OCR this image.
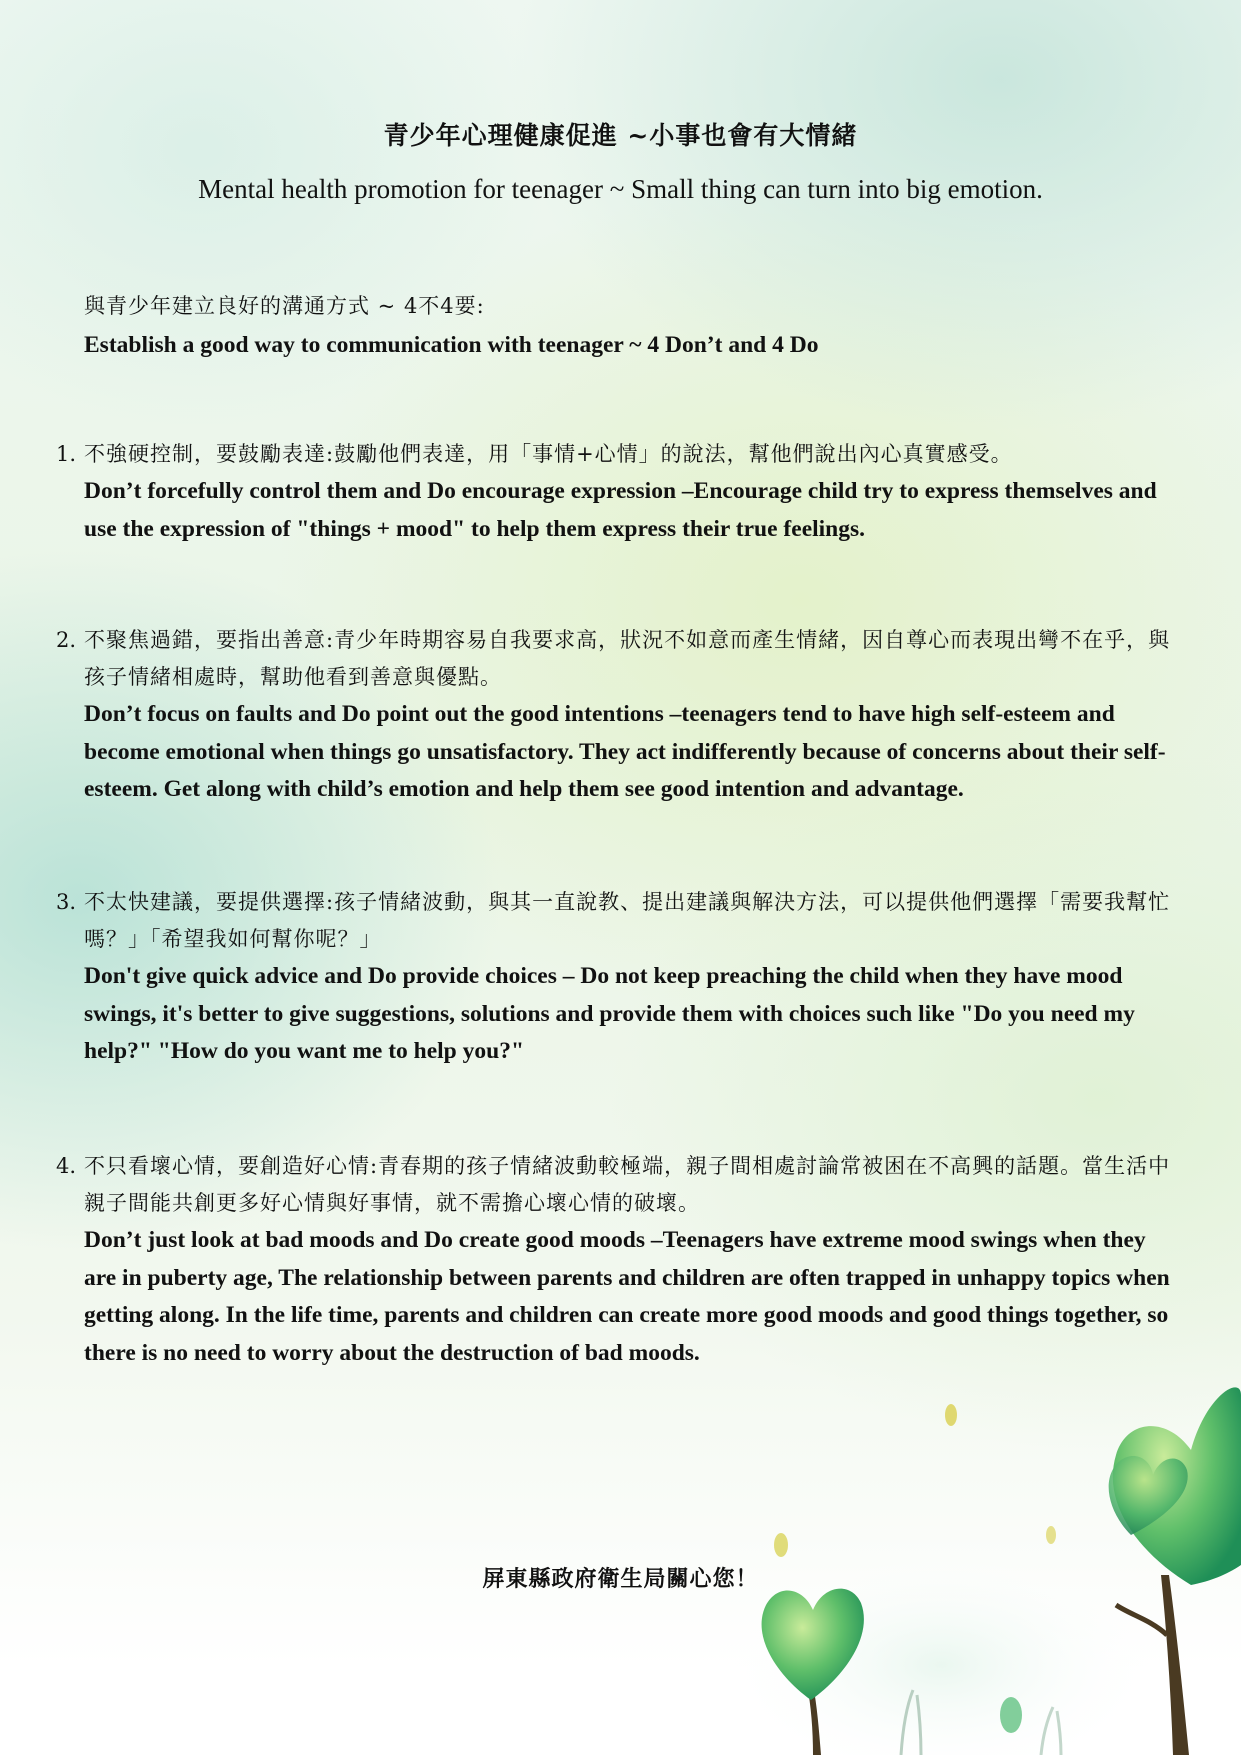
青少年心理健康促進 ~小事也會有大情緒

Mental health promotion for teenager ~ Small thing can turn into big emotion.

與青少年建立良好的溝通方式 ~ 4不4要:
Establish a good way to communication with teenager ~ 4 Don’t and 4 Do
1. 不強硬控制，要鼓勵表達:鼓勵他們表達，用「事情+心情」的說法，幫他們說出內心真實感受。
Don’t forcefully control them and Do encourage expression –Encourage child try to express themselves and use the expression of "things + mood" to help them express their true feelings.
2. 不聚焦過錯，要指出善意:青少年時期容易自我要求高，狀況不如意而產生情緒，因自尊心而表現出彎不在乎，與孩子情緒相處時，幫助他看到善意與優點。
Don’t focus on faults and Do point out the good intentions –teenagers tend to have high self-esteem and become emotional when things go unsatisfactory. They act indifferently because of concerns about their self-esteem. Get along with child’s emotion and help them see good intention and advantage.
3. 不太快建議，要提供選擇:孩子情緒波動，與其一直說教、提出建議與解決方法，可以提供他們選擇「需要我幫忙嗎？」「希望我如何幫你呢？」
Don't give quick advice and Do provide choices – Do not keep preaching the child when they have mood swings, it's better to give suggestions, solutions and provide them with choices such like "Do you need my help?" "How do you want me to help you?"
4. 不只看壞心情，要創造好心情:青春期的孩子情緒波動較極端，親子間相處討論常被困在不高興的話題。當生活中親子間能共創更多好心情與好事情，就不需擔心壞心情的破壞。
Don’t just look at bad moods and Do create good moods –Teenagers have extreme mood swings when they are in puberty age, The relationship between parents and children are often trapped in unhappy topics when getting along. In the life time, parents and children can create more good moods and good things together, so there is no need to worry about the destruction of bad moods.
屏東縣政府衛生局關心您！
